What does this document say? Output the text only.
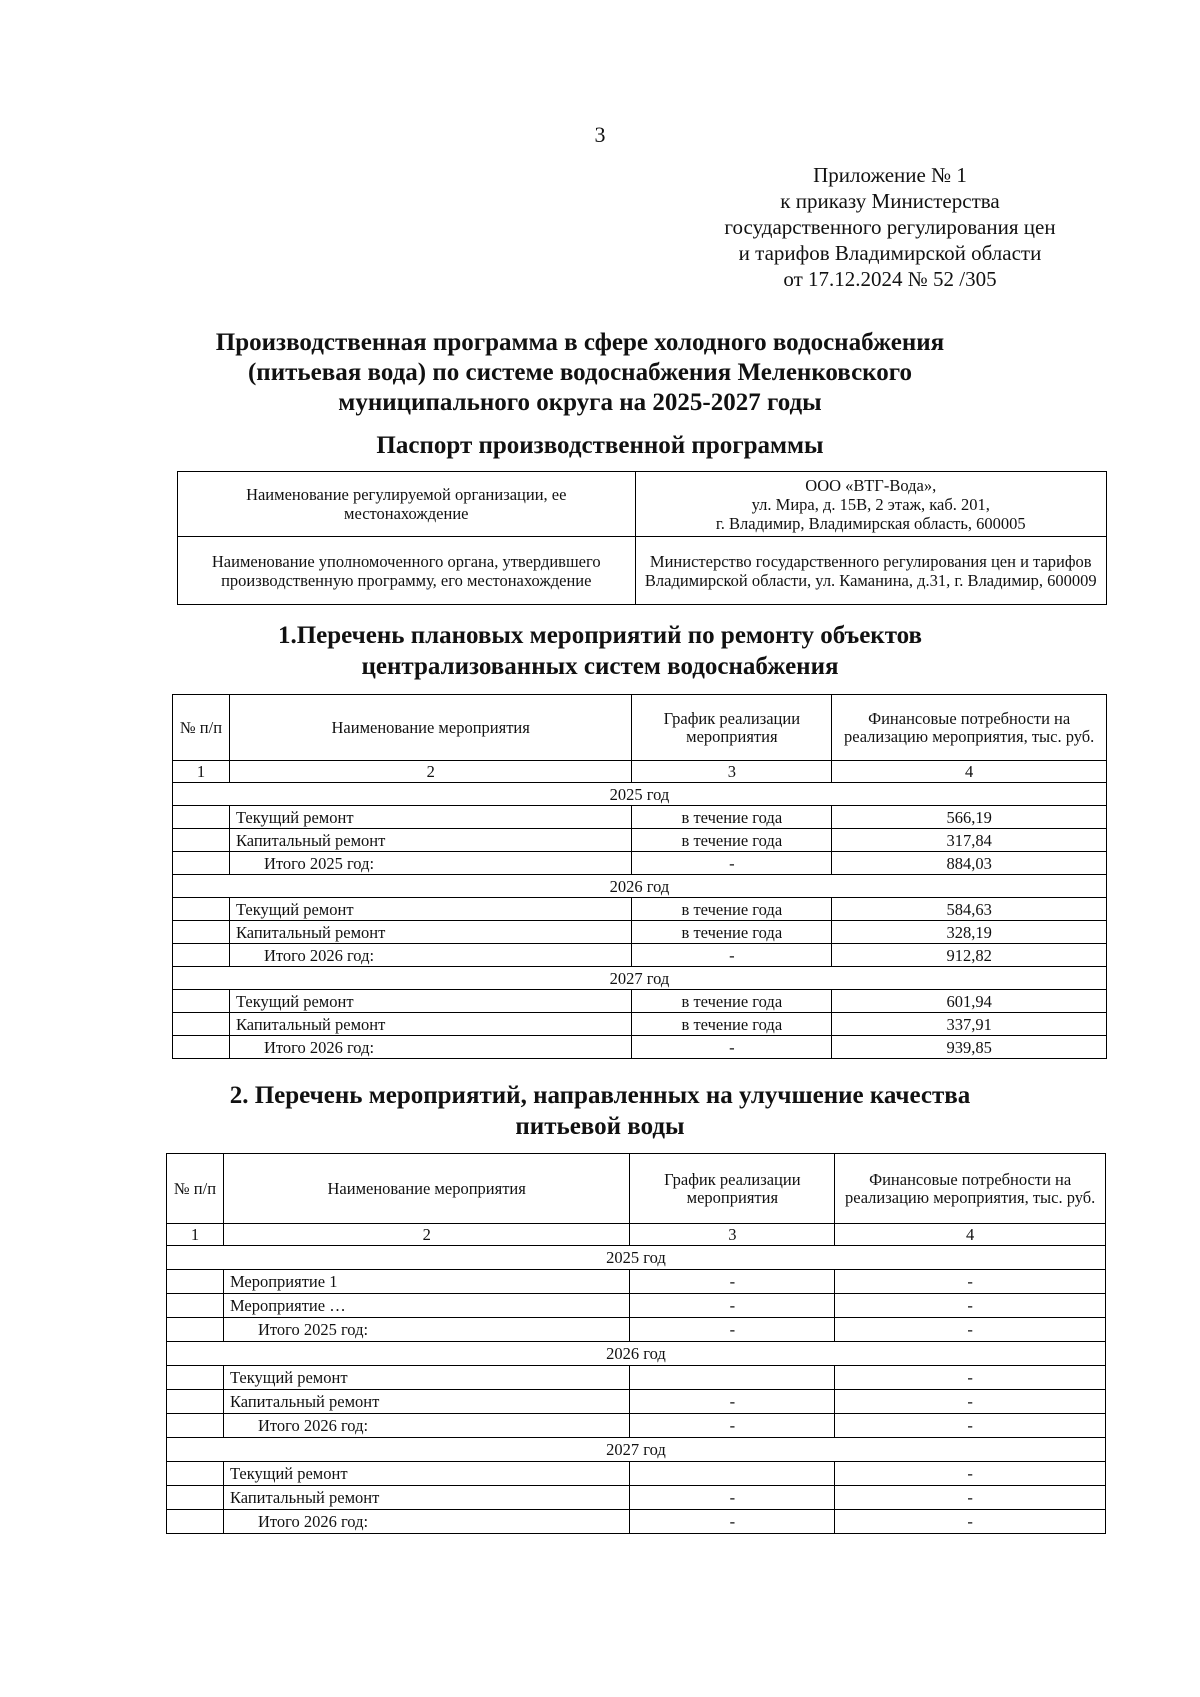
3
Приложение № 1
к приказу Министерства
государственного регулирования цен
и тарифов Владимирской области
от 17.12.2024 № 52 /305
Производственная программа в сфере холодного водоснабжения
(питьевая вода) по системе водоснабжения Меленковского
муниципального округа на 2025-2027 годы
Паспорт производственной программы
Наименование регулируемой организации, ее местонахождение	ООО «ВТГ-Вода»,
ул. Мира, д. 15В, 2 этаж, каб. 201,
г. Владимир, Владимирская область, 600005

Наименование уполномоченного органа, утвердившего производственную программу, его местонахождение	Министерство государственного регулирования цен и тарифов Владимирской области, ул. Каманина, д.31, г. Владимир, 600009
1.Перечень плановых мероприятий по ремонту объектов
централизованных систем водоснабжения
№ п/п	Наименование мероприятия	График реализации мероприятия	Финансовые потребности на реализацию мероприятия, тыс. руб.
1	2	3	4
2025 год			
	Текущий ремонт	в течение года	566,19
	Капитальный ремонт	в течение года	317,84
	Итого 2025 год:	-	884,03
2026 год			
	Текущий ремонт	в течение года	584,63
	Капитальный ремонт	в течение года	328,19
	Итого 2026 год:	-	912,82
2027 год			
	Текущий ремонт	в течение года	601,94
	Капитальный ремонт	в течение года	337,91
	Итого 2026 год:	-	939,85
2. Перечень мероприятий, направленных на улучшение качества
питьевой воды
№ п/п	Наименование мероприятия	График реализации мероприятия	Финансовые потребности на реализацию мероприятия, тыс. руб.
1	2	3	4
2025 год			
	Мероприятие 1	-	-
	Мероприятие …	-	-
	Итого 2025 год:	-	-
2026 год			
	Текущий ремонт		-
	Капитальный ремонт	-	-
	Итого 2026 год:	-	-
2027 год			
	Текущий ремонт		-
	Капитальный ремонт	-	-
	Итого 2026 год:	-	-
